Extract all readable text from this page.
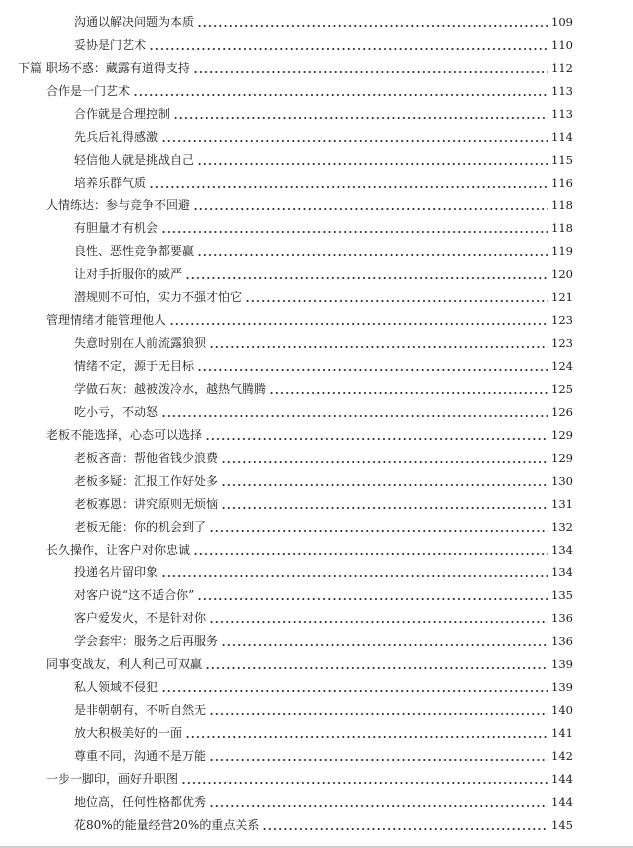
沟通以解决问题为本质	109
妥协是门艺术	110
下篇 职场不惑：藏露有道得支持	112
合作是一门艺术	113
合作就是合理控制	113
先兵后礼得感激	114
轻信他人就是挑战自己	115
培养乐群气质	116
人情练达：参与竞争不回避	118
有胆量才有机会	118
良性、恶性竞争都要赢	119
让对手折服你的威严	120
潜规则不可怕，实力不强才怕它	121
管理情绪才能管理他人	123
失意时别在人前流露狼狈	123
情绪不定，源于无目标	124
学做石灰：越被泼冷水，越热气腾腾	125
吃小亏，不动怒	126
老板不能选择，心态可以选择	129
老板吝啬：帮他省钱少浪费	129
老板多疑：汇报工作好处多	130
老板寡恩：讲究原则无烦恼	131
老板无能：你的机会到了	132
长久操作，让客户对你忠诚	134
投递名片留印象	134
对客户说“这不适合你”	135
客户爱发火，不是针对你	136
学会套牢：服务之后再服务	136
同事变战友，利人利己可双赢	139
私人领域不侵犯	139
是非朝朝有，不听自然无	140
放大积极美好的一面	141
尊重不同，沟通不是万能	142
一步一脚印，画好升职图	144
地位高，任何性格都优秀	144
花80%的能量经营20%的重点关系	145
